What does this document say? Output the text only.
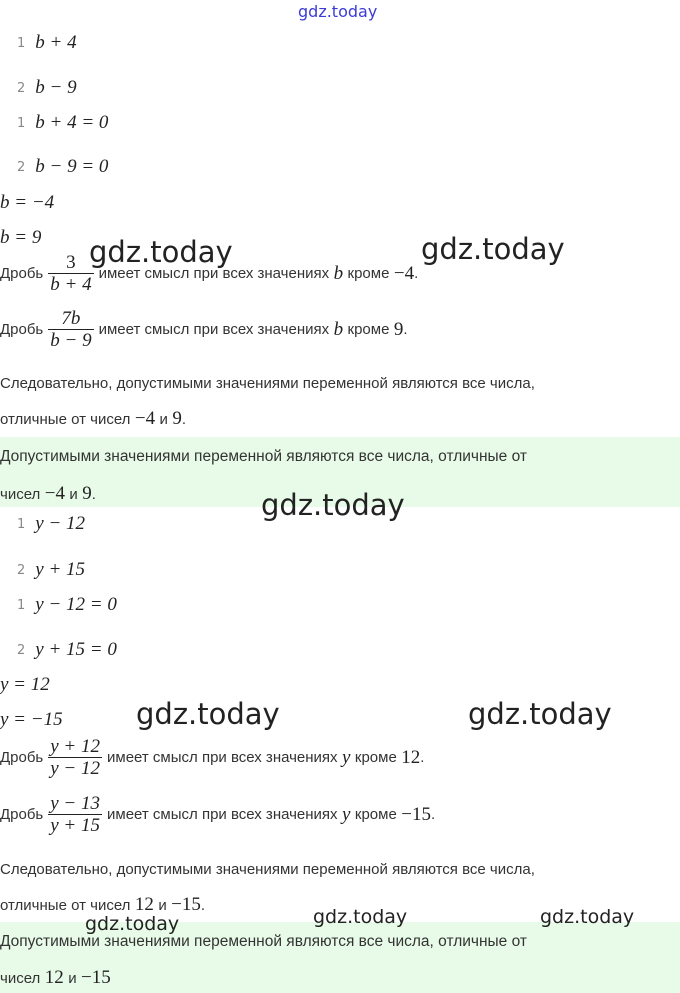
1 b + 4
2 b − 9
1 b + 4 = 0
2 b − 9 = 0
b = −4
b = 9
Дробь $\frac{3}{b + 4}$ имеет смысл при всех значениях
b
кроме
−4 .
Дробь $\frac{7b}{b - 9}$ имеет смысл при всех значениях
b
кроме
9 .
Следовательно, допустимыми значениями переменной являются все числа,
отличные от чисел
−4
и
9 .
Допустимыми значениями переменной являются все числа, отличные от
чисел
−4
и
9 .
1 y − 12
2 y + 15
1 y − 12 = 0
2 y + 15 = 0
y = 12
y = −15
Дробь $\frac{y + 12}{y - 12}$ имеет смысл при всех значениях
y
кроме
12 .
Дробь $\frac{y - 13}{y + 15}$ имеет смысл при всех значениях
y
кроме
−15 .
Следовательно, допустимыми значениями переменной являются все числа,
отличные от чисел
12
и
−15 .
Допустимыми значениями переменной являются все числа, отличные от
чисел
12
и
−15
gdz.today
gdz.today	gdz.today
gdz.today
gdz.today	gdz.today
gdz.today	gdz.today	gdz.today
